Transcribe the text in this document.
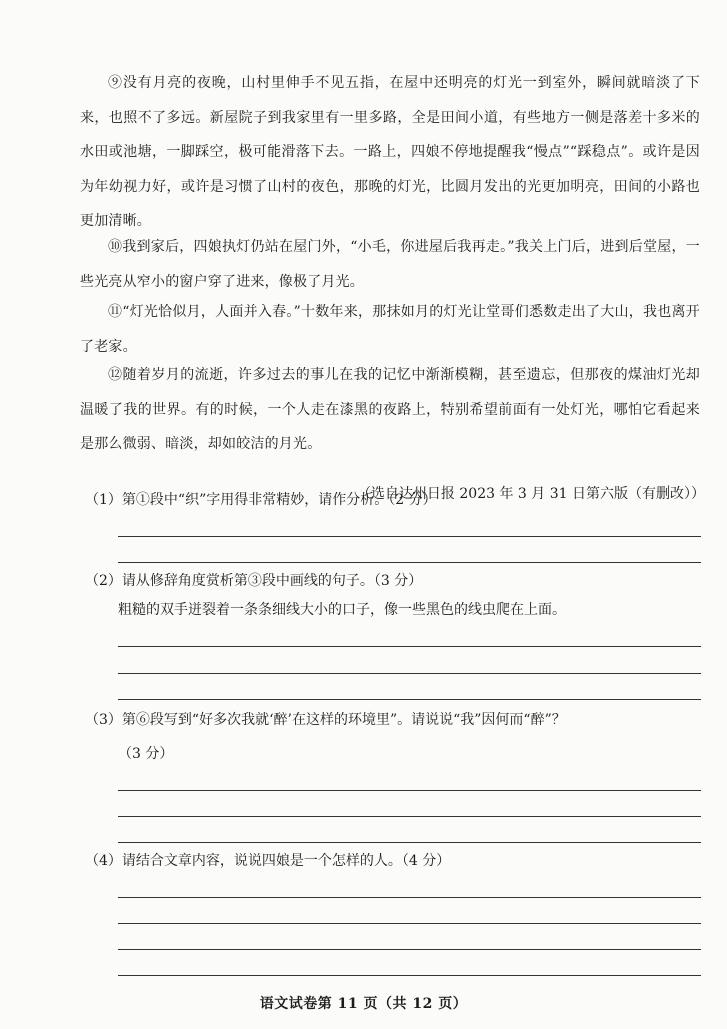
⑨没有月亮的夜晚，山村里伸手不见五指，在屋中还明亮的灯光一到室外，瞬间就暗淡了下来，也照不了多远。新屋院子到我家里有一里多路，全是田间小道，有些地方一侧是落差十多米的水田或池塘，一脚踩空，极可能滑落下去。一路上，四娘不停地提醒我“慢点”“踩稳点”。或许是因为年幼视力好，或许是习惯了山村的夜色，那晚的灯光，比圆月发出的光更加明亮，田间的小路也更加清晰。
⑩我到家后，四娘执灯仍站在屋门外，“小毛，你进屋后我再走。”我关上门后，进到后堂屋，一些光亮从窄小的窗户穿了进来，像极了月光。
⑪“灯光恰似月，人面并入春。”十数年来，那抹如月的灯光让堂哥们悉数走出了大山，我也离开了老家。
⑫随着岁月的流逝，许多过去的事儿在我的记忆中渐渐模糊，甚至遗忘，但那夜的煤油灯光却温暖了我的世界。有的时候，一个人走在漆黑的夜路上，特别希望前面有一处灯光，哪怕它看起来是那么微弱、暗淡，却如皎洁的月光。
（选自达州日报 2023 年 3 月 31 日第六版（有删改））
（1）第①段中“织”字用得非常精妙，请作分析。（2 分）
（2）请从修辞角度赏析第③段中画线的句子。（3 分）
粗糙的双手迸裂着一条条细线大小的口子，像一些黑色的线虫爬在上面。
（3）第⑥段写到“好多次我就‘醉’在这样的环境里”。请说说“我”因何而“醉”？
（3 分）
（4）请结合文章内容，说说四娘是一个怎样的人。（4 分）
语文试卷第 11 页（共 12 页）
